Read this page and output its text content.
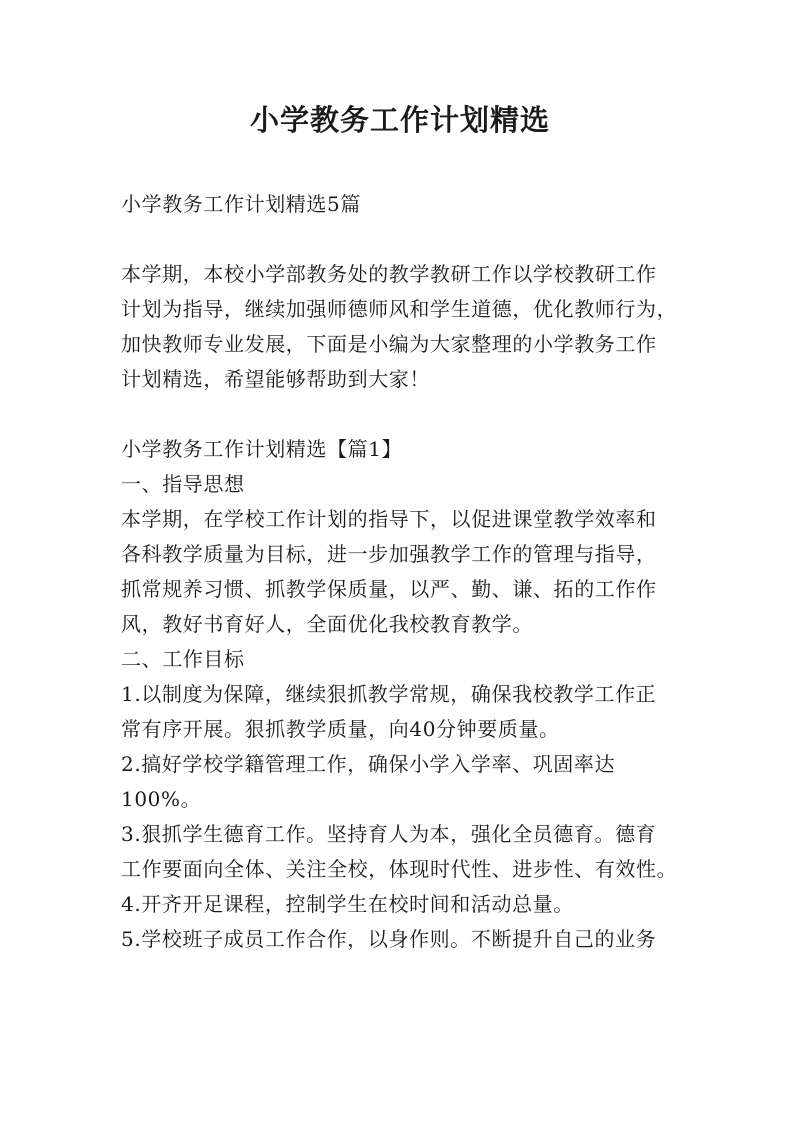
小学教务工作计划精选
小学教务工作计划精选5篇
本学期，本校小学部教务处的教学教研工作以学校教研工作
计划为指导，继续加强师德师风和学生道德，优化教师行为，
加快教师专业发展，下面是小编为大家整理的小学教务工作
计划精选，希望能够帮助到大家！
小学教务工作计划精选【篇1】
一、指导思想
本学期，在学校工作计划的指导下，以促进课堂教学效率和
各科教学质量为目标，进一步加强教学工作的管理与指导，
抓常规养习惯、抓教学保质量，以严、勤、谦、拓的工作作
风，教好书育好人，全面优化我校教育教学。
二、工作目标
1.以制度为保障，继续狠抓教学常规，确保我校教学工作正
常有序开展。狠抓教学质量，向40分钟要质量。
2.搞好学校学籍管理工作，确保小学入学率、巩固率达
100%。
3.狠抓学生德育工作。坚持育人为本，强化全员德育。德育
工作要面向全体、关注全校，体现时代性、进步性、有效性。
4.开齐开足课程，控制学生在校时间和活动总量。
5.学校班子成员工作合作，以身作则。不断提升自己的业务
